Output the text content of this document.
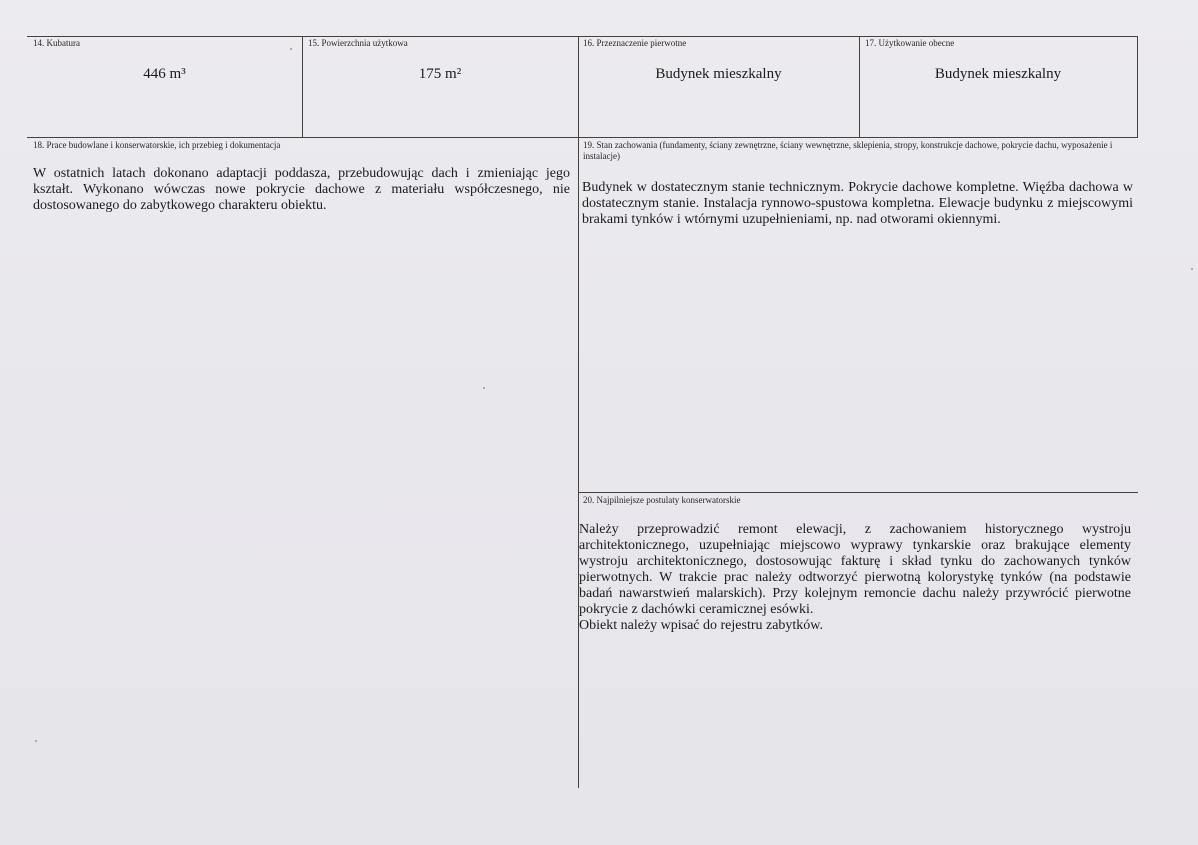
14. Kubatura
446 m³
15. Powierzchnia użytkowa
175 m²
16. Przeznaczenie pierwotne
Budynek mieszkalny
17. Użytkowanie obecne
Budynek mieszkalny
18. Prace budowlane i konserwatorskie, ich przebieg i dokumentacja

W ostatnich latach dokonano adaptacji poddasza, przebudowując dach i zmieniając jego kształt. Wykonano wówczas nowe pokrycie dachowe z materiału współczesnego, nie dostosowanego do zabytkowego charakteru obiektu.

19. Stan zachowania (fundamenty, ściany zewnętrzne, ściany wewnętrzne, sklepienia, stropy, konstrukcje dachowe, pokrycie dachu, wyposażenie i instalacje)

Budynek w dostatecznym stanie technicznym. Pokrycie dachowe kompletne. Więźba dachowa w dostatecznym stanie. Instalacja rynnowo-spustowa kompletna. Elewacje budynku z miejscowymi brakami tynków i wtórnymi uzupełnieniami, np. nad otworami okiennymi.

20. Najpilniejsze postulaty konserwatorskie

Należy przeprowadzić remont elewacji, z zachowaniem historycznego wystroju architektonicznego, uzupełniając miejscowo wyprawy tynkarskie oraz brakujące elementy wystroju architektonicznego, dostosowując fakturę i skład tynku do zachowanych tynków pierwotnych. W trakcie prac należy odtworzyć pierwotną kolorystykę tynków (na podstawie badań nawarstwień malarskich). Przy kolejnym remoncie dachu należy przywrócić pierwotne pokrycie z dachówki ceramicznej esówki.

Obiekt należy wpisać do rejestru zabytków.
